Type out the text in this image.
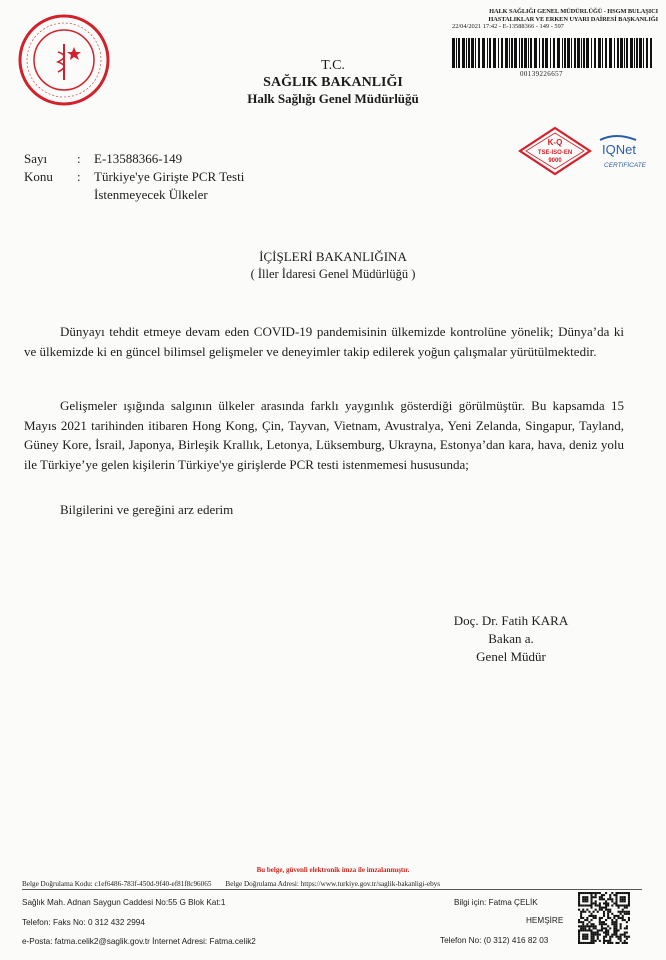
HALK SAĞLIĞI GENEL MÜDÜRLÜĞÜ - HSGM BULAŞICI
HASTALIKLAR VE ERKEN UYARI DAİRESİ BAŞKANLIĞI
22/04/2021 17:42 - E-13588366 - 149 - 597
00139226657
T.C.
SAĞLIK BAKANLIĞI
Halk Sağlığı Genel Müdürlüğü
K-Q
TSE-ISO-EN
9000
IQNet
CERTIFICATE
Sayı : E-13588366-149
Konu : Türkiye'ye Girişte PCR Testi
İstenmeyecek Ülkeler
İÇİŞLERİ BAKANLIĞINA
( İller İdaresi Genel Müdürlüğü )

Dünyayı tehdit etmeye devam eden COVID-19 pandemisinin ülkemizde kontrolüne yönelik; Dünya’da ki ve ülkemizde ki en güncel bilimsel gelişmeler ve deneyimler takip edilerek yoğun çalışmalar yürütülmektedir.

Gelişmeler ışığında salgının ülkeler arasında farklı yaygınlık gösterdiği görülmüştür. Bu kapsamda 15 Mayıs 2021 tarihinden itibaren Hong Kong, Çin, Tayvan, Vietnam, Avustralya, Yeni Zelanda, Singapur, Tayland, Güney Kore, İsrail, Japonya, Birleşik Krallık, Letonya, Lüksemburg, Ukrayna, Estonya’dan kara, hava, deniz yolu ile Türkiye’ye gelen kişilerin Türkiye'ye girişlerde PCR testi istenmemesi hususunda;

Bilgilerini ve gereğini arz ederim
Doç. Dr. Fatih KARA
Bakan a.
Genel Müdür
Bu belge, güvenli elektronik imza ile imzalanmıştır.
Belge Doğrulama Kodu: c1ef6486-783f-450d-9f40-ef81f8c96065 Belge Doğrulama Adresi: https://www.turkiye.gov.tr/saglik-bakanligi-ebys
Sağlık Mah. Adnan Saygun Caddesi No:55 G Blok Kat:1
Telefon: Faks No: 0 312 432 2994
e-Posta: fatma.celik2@saglik.gov.tr İnternet Adresi: Fatma.celik2
Bilgi için: Fatma ÇELİK
HEMŞİRE
Telefon No: (0 312) 416 82 03
